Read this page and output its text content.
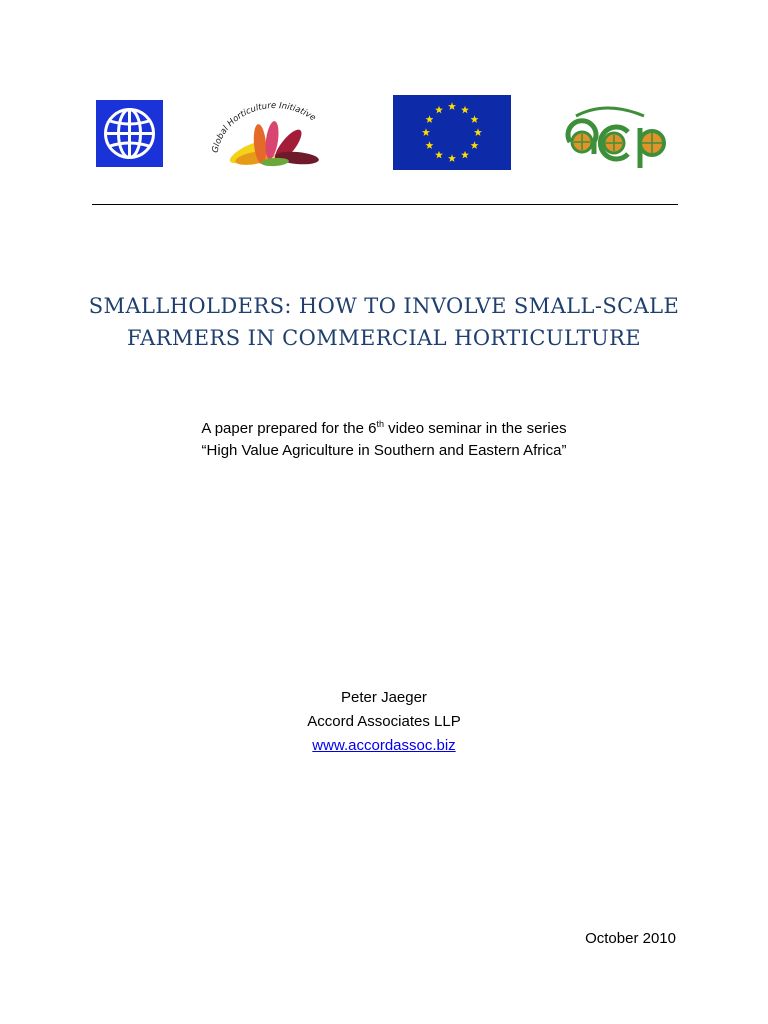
Global Horticulture Initiative
SMALLHOLDERS: HOW TO INVOLVE SMALL-SCALE
FARMERS IN COMMERCIAL HORTICULTURE
A paper prepared for the 6th video seminar in the series
“High Value Agriculture in Southern and Eastern Africa”
Peter Jaeger
Accord Associates LLP
www.accordassoc.biz
October 2010
